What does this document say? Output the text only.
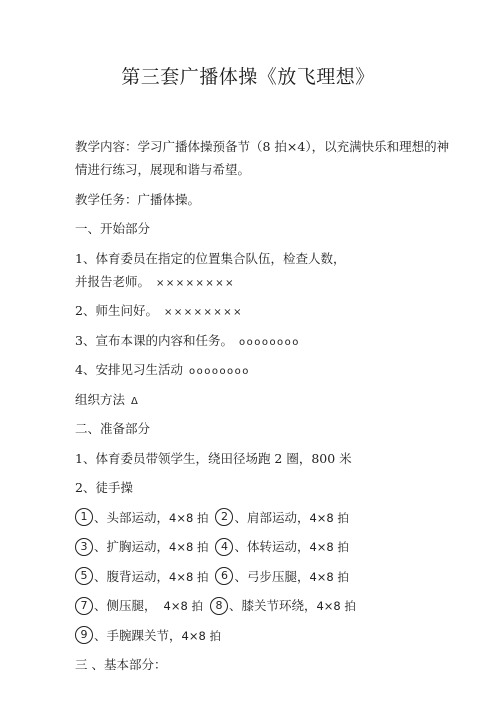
第三套广播体操《放飞理想》
教学内容：学习广播体操预备节（8 拍×4），以充满快乐和理想的神
情进行练习，展现和谐与希望。
教学任务：广播体操。
一、开始部分
1、体育委员在指定的位置集合队伍，检查人数，
并报告老师。 ××××××××
2、师生问好。 ××××××××
3、宣布本课的内容和任务。 oooooooo
4、安排见习生活动 oooooooo
组织方法 Δ
二、准备部分
1、体育委员带领学生，绕田径场跑 2 圈，800 米
2、徒手操
1 、头部运动，4×8 拍 2 、肩部运动，4×8 拍
3 、扩胸运动，4×8 拍 4 、体转运动，4×8 拍
5 、腹背运动，4×8 拍 6 、弓步压腿，4×8 拍
7 、侧压腿， 4×8 拍 8 、膝关节环绕，4×8 拍
9 、手腕踝关节，4×8 拍
三 、基本部分：
